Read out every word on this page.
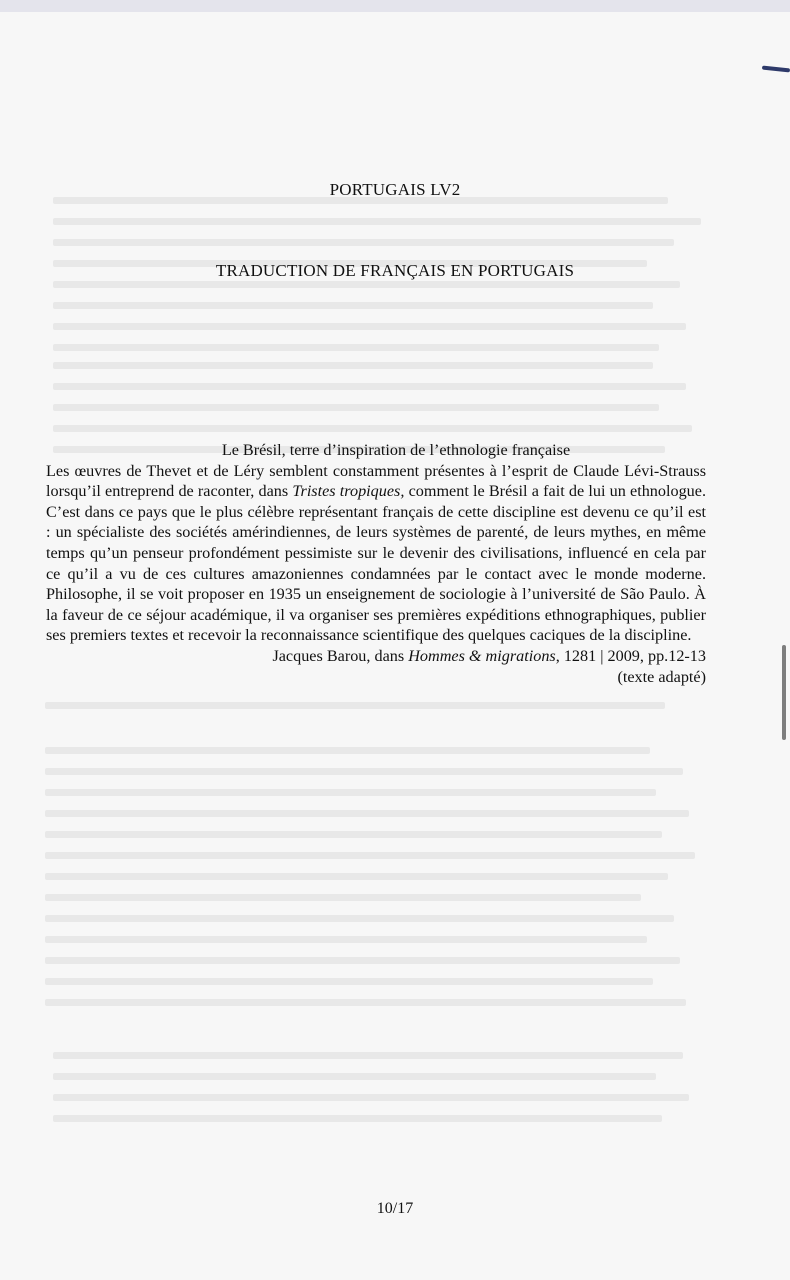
PORTUGAIS LV2
TRADUCTION DE FRANÇAIS EN PORTUGAIS
Le Brésil, terre d’inspiration de l’ethnologie française
Les œuvres de Thevet et de Léry semblent constamment présentes à l’esprit de Claude Lévi-Strauss lorsqu’il entreprend de raconter, dans Tristes tropiques, comment le Brésil a fait de lui un ethnologue. C’est dans ce pays que le plus célèbre représentant français de cette discipline est devenu ce qu’il est : un spécialiste des sociétés amérindiennes, de leurs systèmes de parenté, de leurs mythes, en même temps qu’un penseur profondément pessimiste sur le devenir des civilisations, influencé en cela par ce qu’il a vu de ces cultures amazoniennes condamnées par le contact avec le monde moderne. Philosophe, il se voit proposer en 1935 un enseignement de sociologie à l’université de São Paulo. À la faveur de ce séjour académique, il va organiser ses premières expéditions ethnographiques, publier ses premiers textes et recevoir la reconnaissance scientifique des quelques caciques de la discipline.
Jacques Barou, dans Hommes & migrations, 1281 | 2009, pp.12-13
(texte adapté)
10/17
